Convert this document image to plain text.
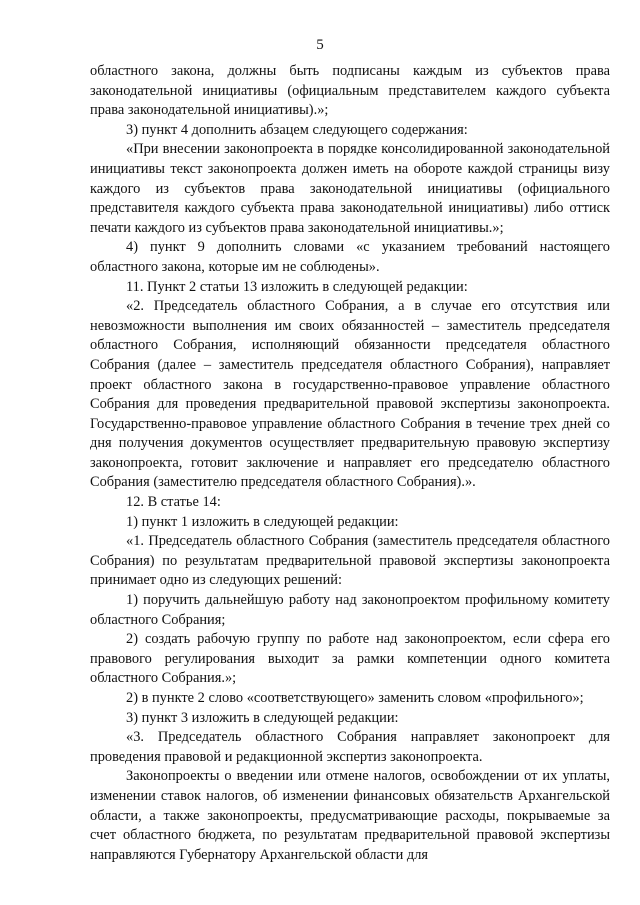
5

областного закона, должны быть подписаны каждым из субъектов права законодательной инициативы (официальным представителем каждого субъекта права законодательной инициативы).»;

3) пункт 4 дополнить абзацем следующего содержания:

«При внесении законопроекта в порядке консолидированной законодательной инициативы текст законопроекта должен иметь на обороте каждой страницы визу каждого из субъектов права законодательной инициативы (официального представителя каждого субъекта права законодательной инициативы) либо оттиск печати каждого из субъектов права законодательной инициативы.»;

4) пункт 9 дополнить словами «с указанием требований настоящего областного закона, которые им не соблюдены».

11. Пункт 2 статьи 13 изложить в следующей редакции:

«2. Председатель областного Собрания, а в случае его отсутствия или невозможности выполнения им своих обязанностей – заместитель председателя областного Собрания, исполняющий обязанности председателя областного Собрания (далее – заместитель председателя областного Собрания), направляет проект областного закона в государственно-правовое управление областного Собрания для проведения предварительной правовой экспертизы законопроекта. Государственно-правовое управление областного Собрания в течение трех дней со дня получения документов осуществляет предварительную правовую экспертизу законопроекта, готовит заключение и направляет его председателю областного Собрания (заместителю председателя областного Собрания).».

12. В статье 14:

1) пункт 1 изложить в следующей редакции:

«1. Председатель областного Собрания (заместитель председателя областного Собрания) по результатам предварительной правовой экспертизы законопроекта принимает одно из следующих решений:

1) поручить дальнейшую работу над законопроектом профильному комитету областного Собрания;

2) создать рабочую группу по работе над законопроектом, если сфера его правового регулирования выходит за рамки компетенции одного комитета областного Собрания.»;

2) в пункте 2 слово «соответствующего» заменить словом «профильного»;

3) пункт 3 изложить в следующей редакции:

«3. Председатель областного Собрания направляет законопроект для проведения правовой и редакционной экспертиз законопроекта.

Законопроекты о введении или отмене налогов, освобождении от их уплаты, изменении ставок налогов, об изменении финансовых обязательств Архангельской области, а также законопроекты, предусматривающие расходы, покрываемые за счет областного бюджета, по результатам предварительной правовой экспертизы направляются Губернатору Архангельской области для
